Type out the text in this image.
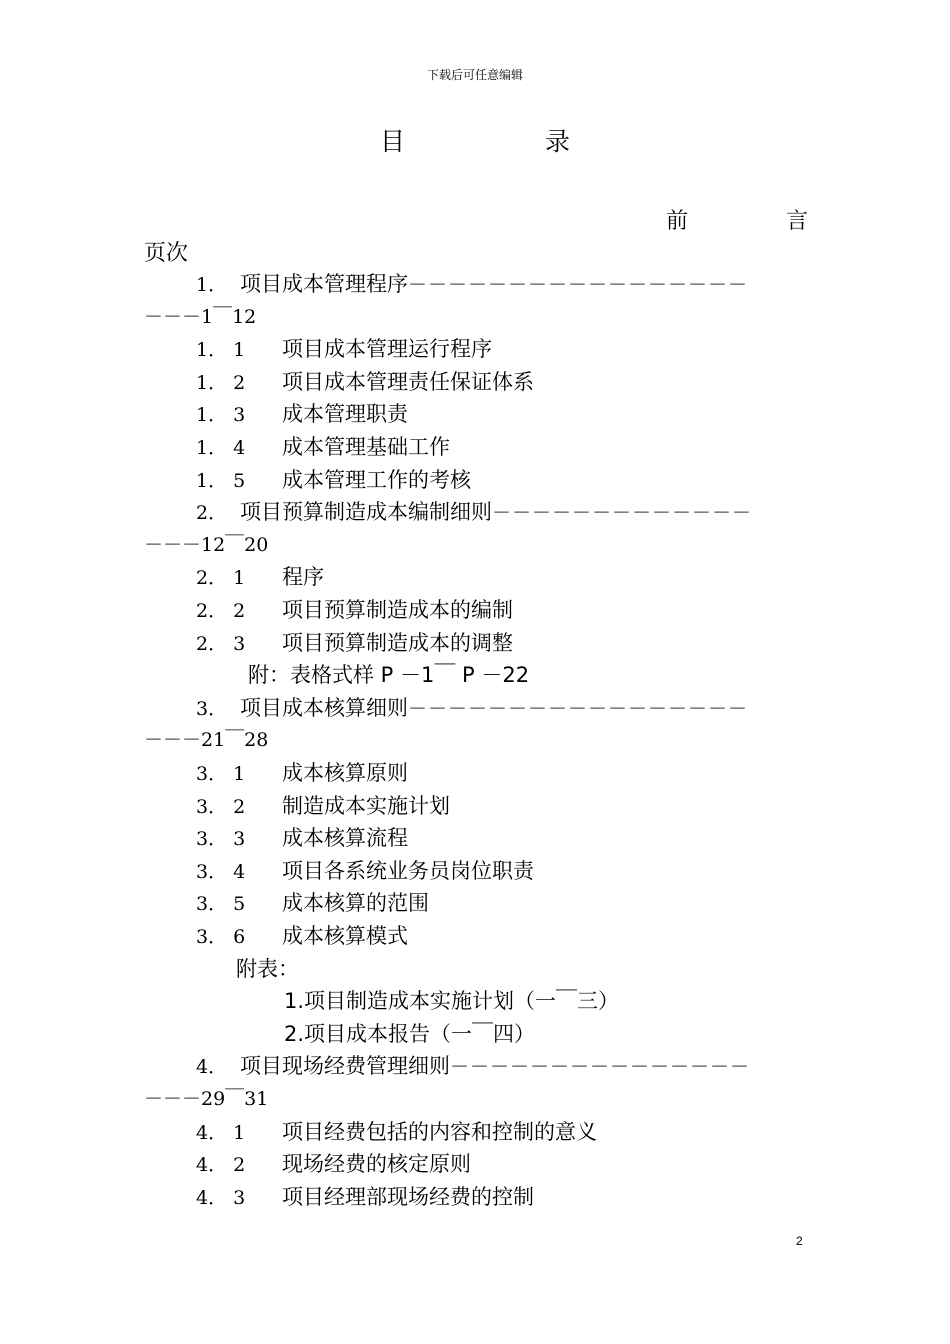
下载后可任意编辑
目 录
前	言
页次
1． 项目成本管理程序－－－－－－－－－－－－－－－－－
－－－1￣12
1． 1 项目成本管理运行程序
1． 2 项目成本管理责任保证体系
1． 3 成本管理职责
1． 4 成本管理基础工作
1． 5 成本管理工作的考核
2． 项目预算制造成本编制细则－－－－－－－－－－－－－
－－－12￣20
2． 1 程序
2． 2 项目预算制造成本的编制
2． 3 项目预算制造成本的调整
附：表格式样 P －1￣ P －22
3． 项目成本核算细则－－－－－－－－－－－－－－－－－
－－－21￣28
3． 1 成本核算原则
3． 2 制造成本实施计划
3． 3 成本核算流程
3． 4 项目各系统业务员岗位职责
3． 5 成本核算的范围
3． 6 成本核算模式
附表：
1.项目制造成本实施计划（一￣三）
2.项目成本报告（一￣四）
4． 项目现场经费管理细则－－－－－－－－－－－－－－－
－－－29￣31
4． 1 项目经费包括的内容和控制的意义
4． 2 现场经费的核定原则
4． 3 项目经理部现场经费的控制
2
